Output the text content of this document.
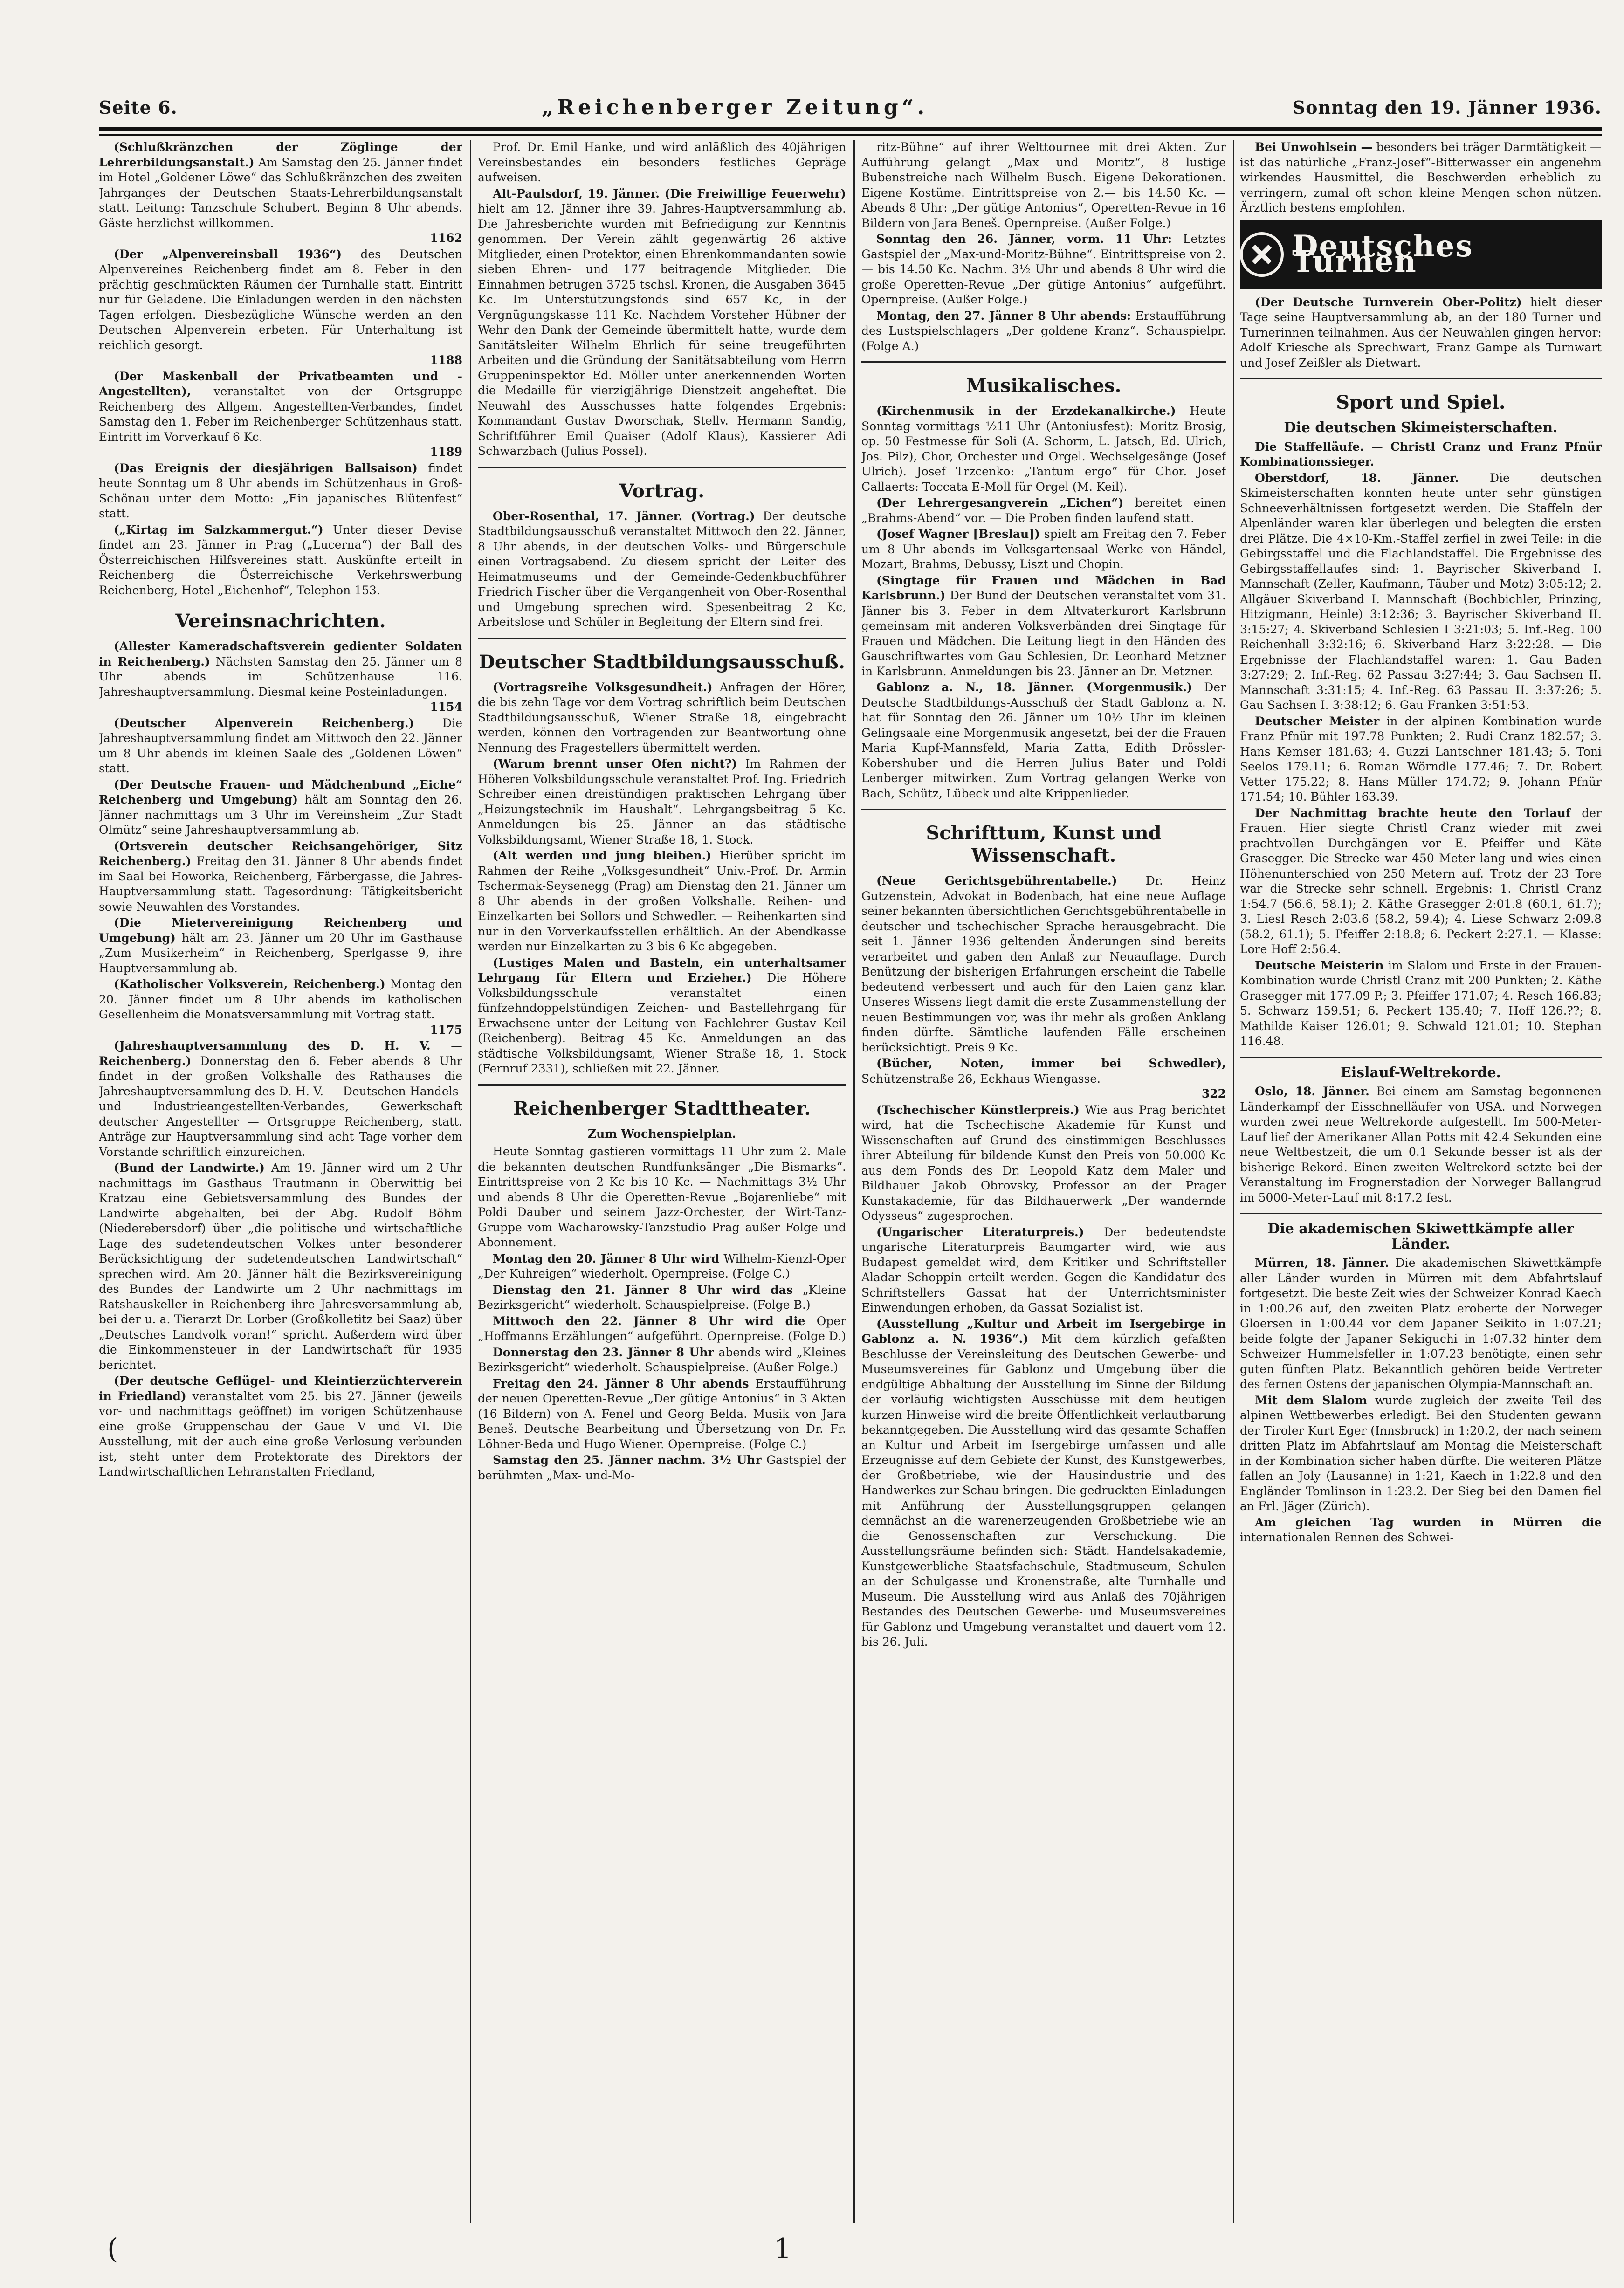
Seite 6.	„Reichenberger Zeitung“.	Sonntag den 19. Jänner 1936.

(Schlußkränzchen der Zöglinge der Lehrerbildungsanstalt.) Am Samstag den 25. Jänner findet im Hotel „Goldener Löwe“ das Schlußkränzchen des zweiten Jahrganges der Deutschen Staats-Lehrerbildungsanstalt statt. Leitung: Tanzschule Schubert. Beginn 8 Uhr abends. Gäste herzlichst willkommen.
1162

(Der „Alpenvereinsball 1936“) des Deutschen Alpenvereines Reichenberg findet am 8. Feber in den prächtig geschmückten Räumen der Turnhalle statt. Eintritt nur für Geladene. Die Einladungen werden in den nächsten Tagen erfolgen. Diesbezügliche Wünsche werden an den Deutschen Alpenverein erbeten. Für Unterhaltung ist reichlich gesorgt.
1188

(Der Maskenball der Privatbeamten und -Angestellten), veranstaltet von der Ortsgruppe Reichenberg des Allgem. Angestellten-Verbandes, findet Samstag den 1. Feber im Reichenberger Schützenhaus statt. Eintritt im Vorverkauf 6 Kc.
1189

(Das Ereignis der diesjährigen Ballsaison) findet heute Sonntag um 8 Uhr abends im Schützenhaus in Groß-Schönau unter dem Motto: „Ein japanisches Blütenfest“ statt.

(„Kirtag im Salzkammergut.“) Unter dieser Devise findet am 23. Jänner in Prag („Lucerna“) der Ball des Österreichischen Hilfsvereines statt. Auskünfte erteilt in Reichenberg die Österreichische Verkehrswerbung Reichenberg, Hotel „Eichenhof“, Telephon 153.

Vereinsnachrichten.

(Allester Kameradschaftsverein gedienter Soldaten in Reichenberg.) Nächsten Samstag den 25. Jänner um 8 Uhr abends im Schützenhause 116. Jahreshauptversammlung. Diesmal keine Posteinladungen.
1154

(Deutscher Alpenverein Reichenberg.) Die Jahreshauptversammlung findet am Mittwoch den 22. Jänner um 8 Uhr abends im kleinen Saale des „Goldenen Löwen“ statt.

(Der Deutsche Frauen- und Mädchenbund „Eiche“ Reichenberg und Umgebung) hält am Sonntag den 26. Jänner nachmittags um 3 Uhr im Vereinsheim „Zur Stadt Olmütz“ seine Jahreshauptversammlung ab.

(Ortsverein deutscher Reichsangehöriger, Sitz Reichenberg.) Freitag den 31. Jänner 8 Uhr abends findet im Saal bei Howorka, Reichenberg, Färbergasse, die Jahres-Hauptversammlung statt. Tagesordnung: Tätigkeitsbericht sowie Neuwahlen des Vorstandes.

(Die Mietervereinigung Reichenberg und Umgebung) hält am 23. Jänner um 20 Uhr im Gasthause „Zum Musikerheim“ in Reichenberg, Sperlgasse 9, ihre Hauptversammlung ab.

(Katholischer Volksverein, Reichenberg.) Montag den 20. Jänner findet um 8 Uhr abends im katholischen Gesellenheim die Monatsversammlung mit Vortrag statt.
1175

(Jahreshauptversammlung des D. H. V. — Reichenberg.) Donnerstag den 6. Feber abends 8 Uhr findet in der großen Volkshalle des Rathauses die Jahreshauptversammlung des D. H. V. — Deutschen Handels- und Industrieangestellten-Verbandes, Gewerkschaft deutscher Angestellter — Ortsgruppe Reichenberg, statt. Anträge zur Hauptversammlung sind acht Tage vorher dem Vorstande schriftlich einzureichen.

(Bund der Landwirte.) Am 19. Jänner wird um 2 Uhr nachmittags im Gasthaus Trautmann in Oberwittig bei Kratzau eine Gebietsversammlung des Bundes der Landwirte abgehalten, bei der Abg. Rudolf Böhm (Niederebersdorf) über „die politische und wirtschaftliche Lage des sudetendeutschen Volkes unter besonderer Berücksichtigung der sudetendeutschen Landwirtschaft“ sprechen wird. Am 20. Jänner hält die Bezirksvereinigung des Bundes der Landwirte um 2 Uhr nachmittags im Ratshauskeller in Reichenberg ihre Jahresversammlung ab, bei der u. a. Tierarzt Dr. Lorber (Großkolletitz bei Saaz) über „Deutsches Landvolk voran!“ spricht. Außerdem wird über die Einkommensteuer in der Landwirtschaft für 1935 berichtet.

(Der deutsche Geflügel- und Kleintierzüchterverein in Friedland) veranstaltet vom 25. bis 27. Jänner (jeweils vor- und nachmittags geöffnet) im vorigen Schützenhause eine große Gruppenschau der Gaue V und VI. Die Ausstellung, mit der auch eine große Verlosung verbunden ist, steht unter dem Protektorate des Direktors der Landwirtschaftlichen Lehranstalten Friedland,

Prof. Dr. Emil Hanke, und wird anläßlich des 40jährigen Vereinsbestandes ein besonders festliches Gepräge aufweisen.

Alt-Paulsdorf, 19. Jänner. (Die Freiwillige Feuerwehr) hielt am 12. Jänner ihre 39. Jahres-Hauptversammlung ab. Die Jahresberichte wurden mit Befriedigung zur Kenntnis genommen. Der Verein zählt gegenwärtig 26 aktive Mitglieder, einen Protektor, einen Ehrenkommandanten sowie sieben Ehren- und 177 beitragende Mitglieder. Die Einnahmen betrugen 3725 tschsl. Kronen, die Ausgaben 3645 Kc. Im Unterstützungsfonds sind 657 Kc, in der Vergnügungskasse 111 Kc. Nachdem Vorsteher Hübner der Wehr den Dank der Gemeinde übermittelt hatte, wurde dem Sanitätsleiter Wilhelm Ehrlich für seine treugeführten Arbeiten und die Gründung der Sanitätsabteilung vom Herrn Gruppeninspektor Ed. Möller unter anerkennenden Worten die Medaille für vierzigjährige Dienstzeit angeheftet. Die Neuwahl des Ausschusses hatte folgendes Ergebnis: Kommandant Gustav Dworschak, Stellv. Hermann Sandig, Schriftführer Emil Quaiser (Adolf Klaus), Kassierer Adi Schwarzbach (Julius Possel).

Vortrag.

Ober-Rosenthal, 17. Jänner. (Vortrag.) Der deutsche Stadtbildungsausschuß veranstaltet Mittwoch den 22. Jänner, 8 Uhr abends, in der deutschen Volks- und Bürgerschule einen Vortragsabend. Zu diesem spricht der Leiter des Heimatmuseums und der Gemeinde-Gedenkbuchführer Friedrich Fischer über die Vergangenheit von Ober-Rosenthal und Umgebung sprechen wird. Spesenbeitrag 2 Kc, Arbeitslose und Schüler in Begleitung der Eltern sind frei.

Deutscher Stadtbildungsausschuß.

(Vortragsreihe Volksgesundheit.) Anfragen der Hörer, die bis zehn Tage vor dem Vortrag schriftlich beim Deutschen Stadtbildungsausschuß, Wiener Straße 18, eingebracht werden, können den Vortragenden zur Beantwortung ohne Nennung des Fragestellers übermittelt werden.

(Warum brennt unser Ofen nicht?) Im Rahmen der Höheren Volksbildungsschule veranstaltet Prof. Ing. Friedrich Schreiber einen dreistündigen praktischen Lehrgang über „Heizungstechnik im Haushalt“. Lehrgangsbeitrag 5 Kc. Anmeldungen bis 25. Jänner an das städtische Volksbildungsamt, Wiener Straße 18, 1. Stock.

(Alt werden und jung bleiben.) Hierüber spricht im Rahmen der Reihe „Volksgesundheit“ Univ.-Prof. Dr. Armin Tschermak-Seysenegg (Prag) am Dienstag den 21. Jänner um 8 Uhr abends in der großen Volkshalle. Reihen- und Einzelkarten bei Sollors und Schwedler. — Reihenkarten sind nur in den Vorverkaufsstellen erhältlich. An der Abendkasse werden nur Einzelkarten zu 3 bis 6 Kc abgegeben.

(Lustiges Malen und Basteln, ein unterhaltsamer Lehrgang für Eltern und Erzieher.) Die Höhere Volksbildungsschule veranstaltet einen fünfzehndoppelstündigen Zeichen- und Bastellehrgang für Erwachsene unter der Leitung von Fachlehrer Gustav Keil (Reichenberg). Beitrag 45 Kc. Anmeldungen an das städtische Volksbildungsamt, Wiener Straße 18, 1. Stock (Fernruf 2331), schließen mit 22. Jänner.

Reichenberger Stadttheater.
Zum Wochenspielplan.

Heute Sonntag gastieren vormittags 11 Uhr zum 2. Male die bekannten deutschen Rundfunksänger „Die Bismarks“. Eintrittspreise von 2 Kc bis 10 Kc. — Nachmittags 3½ Uhr und abends 8 Uhr die Operetten-Revue „Bojarenliebe“ mit Poldi Dauber und seinem Jazz-Orchester, der Wirt-Tanz-Gruppe vom Wacharowsky-Tanzstudio Prag außer Folge und Abonnement.

Montag den 20. Jänner 8 Uhr wird Wilhelm-Kienzl-Oper „Der Kuhreigen“ wiederholt. Opernpreise. (Folge C.)

Dienstag den 21. Jänner 8 Uhr wird das „Kleine Bezirksgericht“ wiederholt. Schauspielpreise. (Folge B.)

Mittwoch den 22. Jänner 8 Uhr wird die Oper „Hoffmanns Erzählungen“ aufgeführt. Opernpreise. (Folge D.)

Donnerstag den 23. Jänner 8 Uhr abends wird „Kleines Bezirksgericht“ wiederholt. Schauspielpreise. (Außer Folge.)

Freitag den 24. Jänner 8 Uhr abends Erstaufführung der neuen Operetten-Revue „Der gütige Antonius“ in 3 Akten (16 Bildern) von A. Fenel und Georg Belda. Musik von Jara Beneš. Deutsche Bearbeitung und Übersetzung von Dr. Fr. Löhner-Beda und Hugo Wiener. Opernpreise. (Folge C.)

Samstag den 25. Jänner nachm. 3½ Uhr Gastspiel der berühmten „Max- und-Mo-

ritz-Bühne“ auf ihrer Welttournee mit drei Akten. Zur Aufführung gelangt „Max und Moritz“, 8 lustige Bubenstreiche nach Wilhelm Busch. Eigene Dekorationen. Eigene Kostüme. Eintrittspreise von 2.— bis 14.50 Kc. — Abends 8 Uhr: „Der gütige Antonius“, Operetten-Revue in 16 Bildern von Jara Beneš. Opernpreise. (Außer Folge.)

Sonntag den 26. Jänner, vorm. 11 Uhr: Letztes Gastspiel der „Max-und-Moritz-Bühne“. Eintrittspreise von 2.— bis 14.50 Kc. Nachm. 3½ Uhr und abends 8 Uhr wird die große Operetten-Revue „Der gütige Antonius“ aufgeführt. Opernpreise. (Außer Folge.)

Montag, den 27. Jänner 8 Uhr abends: Erstaufführung des Lustspielschlagers „Der goldene Kranz“. Schauspielpr. (Folge A.)

Musikalisches.

(Kirchenmusik in der Erzdekanalkirche.) Heute Sonntag vormittags ½11 Uhr (Antoniusfest): Moritz Brosig, op. 50 Festmesse für Soli (A. Schorm, L. Jatsch, Ed. Ulrich, Jos. Pilz), Chor, Orchester und Orgel. Wechselgesänge (Josef Ulrich). Josef Trzcenko: „Tantum ergo“ für Chor. Josef Callaerts: Toccata E-Moll für Orgel (M. Keil).

(Der Lehrergesangverein „Eichen“) bereitet einen „Brahms-Abend“ vor. — Die Proben finden laufend statt.

(Josef Wagner [Breslau]) spielt am Freitag den 7. Feber um 8 Uhr abends im Volksgartensaal Werke von Händel, Mozart, Brahms, Debussy, Liszt und Chopin.

(Singtage für Frauen und Mädchen in Bad Karlsbrunn.) Der Bund der Deutschen veranstaltet vom 31. Jänner bis 3. Feber in dem Altvaterkurort Karlsbrunn gemeinsam mit anderen Volksverbänden drei Singtage für Frauen und Mädchen. Die Leitung liegt in den Händen des Gauschriftwartes vom Gau Schlesien, Dr. Leonhard Metzner in Karlsbrunn. Anmeldungen bis 23. Jänner an Dr. Metzner.

Gablonz a. N., 18. Jänner. (Morgenmusik.) Der Deutsche Stadtbildungs-Ausschuß der Stadt Gablonz a. N. hat für Sonntag den 26. Jänner um 10½ Uhr im kleinen Gelingsaale eine Morgenmusik angesetzt, bei der die Frauen Maria Kupf-Mannsfeld, Maria Zatta, Edith Drössler-Kobershuber und die Herren Julius Bater und Poldi Lenberger mitwirken. Zum Vortrag gelangen Werke von Bach, Schütz, Lübeck und alte Krippenlieder.

Schrifttum, Kunst und Wissenschaft.

(Neue Gerichtsgebührentabelle.) Dr. Heinz Gutzenstein, Advokat in Bodenbach, hat eine neue Auflage seiner bekannten übersichtlichen Gerichtsgebührentabelle in deutscher und tschechischer Sprache herausgebracht. Die seit 1. Jänner 1936 geltenden Änderungen sind bereits verarbeitet und gaben den Anlaß zur Neuauflage. Durch Benützung der bisherigen Erfahrungen erscheint die Tabelle bedeutend verbessert und auch für den Laien ganz klar. Unseres Wissens liegt damit die erste Zusammenstellung der neuen Bestimmungen vor, was ihr mehr als großen Anklang finden dürfte. Sämtliche laufenden Fälle erscheinen berücksichtigt. Preis 9 Kc.

(Bücher, Noten, immer bei Schwedler), Schützenstraße 26, Eckhaus Wiengasse.
322

(Tschechischer Künstlerpreis.) Wie aus Prag berichtet wird, hat die Tschechische Akademie für Kunst und Wissenschaften auf Grund des einstimmigen Beschlusses ihrer Abteilung für bildende Kunst den Preis von 50.000 Kc aus dem Fonds des Dr. Leopold Katz dem Maler und Bildhauer Jakob Obrovsky, Professor an der Prager Kunstakademie, für das Bildhauerwerk „Der wandernde Odysseus“ zugesprochen.

(Ungarischer Literaturpreis.) Der bedeutendste ungarische Literaturpreis Baumgarter wird, wie aus Budapest gemeldet wird, dem Kritiker und Schriftsteller Aladar Schoppin erteilt werden. Gegen die Kandidatur des Schriftstellers Gassat hat der Unterrichtsminister Einwendungen erhoben, da Gassat Sozialist ist.

(Ausstellung „Kultur und Arbeit im Isergebirge in Gablonz a. N. 1936“.) Mit dem kürzlich gefaßten Beschlusse der Vereinsleitung des Deutschen Gewerbe- und Museumsvereines für Gablonz und Umgebung über die endgültige Abhaltung der Ausstellung im Sinne der Bildung der vorläufig wichtigsten Ausschüsse mit dem heutigen kurzen Hinweise wird die breite Öffentlichkeit verlautbarung bekanntgegeben. Die Ausstellung wird das gesamte Schaffen an Kultur und Arbeit im Isergebirge umfassen und alle Erzeugnisse auf dem Gebiete der Kunst, des Kunstgewerbes, der Großbetriebe, wie der Hausindustrie und des Handwerkes zur Schau bringen. Die gedruckten Einladungen mit Anführung der Ausstellungsgruppen gelangen demnächst an die warenerzeugenden Großbetriebe wie an die Genossenschaften zur Verschickung. Die Ausstellungsräume befinden sich: Städt. Handelsakademie, Kunstgewerbliche Staatsfachschule, Stadtmuseum, Schulen an der Schulgasse und Kronenstraße, alte Turnhalle und Museum. Die Ausstellung wird aus Anlaß des 70jährigen Bestandes des Deutschen Gewerbe- und Museumsvereines für Gablonz und Umgebung veranstaltet und dauert vom 12. bis 26. Juli.

Bei Unwohlsein — besonders bei träger Darmtätigkeit — ist das natürliche „Franz-Josef“-Bitterwasser ein angenehm wirkendes Hausmittel, die Beschwerden erheblich zu verringern, zumal oft schon kleine Mengen schon nützen. Ärztlich bestens empfohlen.

Deutsches Turnen

(Der Deutsche Turnverein Ober-Politz) hielt dieser Tage seine Hauptversammlung ab, an der 180 Turner und Turnerinnen teilnahmen. Aus der Neuwahlen gingen hervor: Adolf Kriesche als Sprechwart, Franz Gampe als Turnwart und Josef Zeißler als Dietwart.

Sport und Spiel.
Die deutschen Skimeisterschaften.

Die Staffelläufe. — Christl Cranz und Franz Pfnür Kombinationssieger.

Oberstdorf, 18. Jänner.	Die deutschen Skimeisterschaften konnten heute unter sehr günstigen Schneeverhältnissen fortgesetzt werden. Die Staffeln der Alpenländer waren klar überlegen und belegten die ersten drei Plätze. Die 4×10-Km.-Staffel zerfiel in zwei Teile: in die Gebirgsstaffel und die Flachlandstaffel. Die Ergebnisse des Gebirgsstaffellaufes sind: 1. Bayrischer Skiverband I. Mannschaft (Zeller, Kaufmann, Täuber und Motz) 3:05:12; 2. Allgäuer Skiverband I. Mannschaft (Bochbichler, Prinzing, Hitzigmann, Heinle) 3:12:36; 3. Bayrischer Skiverband II. 3:15:27; 4. Skiverband Schlesien I 3:21:03; 5. Inf.-Reg. 100 Reichenhall 3:32:16; 6. Skiverband Harz 3:22:28. — Die Ergebnisse der Flachlandstaffel waren: 1. Gau Baden 3:27:29; 2. Inf.-Reg. 62 Passau 3:27:44; 3. Gau Sachsen II. Mannschaft 3:31:15; 4. Inf.-Reg. 63 Passau II. 3:37:26; 5. Gau Sachsen I. 3:38:12; 6. Gau Franken 3:51:53.

Deutscher Meister in der alpinen Kombination wurde Franz Pfnür mit 197.78 Punkten; 2. Rudi Cranz 182.57; 3. Hans Kemser 181.63; 4. Guzzi Lantschner 181.43; 5. Toni Seelos 179.11; 6. Roman Wörndle 177.46; 7. Dr. Robert Vetter 175.22; 8. Hans Müller 174.72; 9. Johann Pfnür 171.54; 10. Bühler 163.39.

Der Nachmittag brachte heute den Torlauf der Frauen. Hier siegte Christl Cranz wieder mit zwei prachtvollen Durchgängen vor E. Pfeiffer und Käte Grasegger. Die Strecke war 450 Meter lang und wies einen Höhenunterschied von 250 Metern auf. Trotz der 23 Tore war die Strecke sehr schnell. Ergebnis: 1. Christl Cranz 1:54.7 (56.6, 58.1); 2. Käthe Grasegger 2:01.8 (60.1, 61.7); 3. Liesl Resch 2:03.6 (58.2, 59.4); 4. Liese Schwarz 2:09.8 (58.2, 61.1); 5. Pfeiffer 2:18.8; 6. Peckert 2:27.1. — Klasse: Lore Hoff 2:56.4.

Deutsche Meisterin im Slalom und Erste in der Frauen-Kombination wurde Christl Cranz mit 200 Punkten; 2. Käthe Grasegger mit 177.09 P.; 3. Pfeiffer 171.07; 4. Resch 166.83; 5. Schwarz 159.51; 6. Peckert 135.40; 7. Hoff 126.??; 8. Mathilde Kaiser 126.01; 9. Schwald 121.01; 10. Stephan 116.48.

Eislauf-Weltrekorde.

Oslo, 18. Jänner. Bei einem am Samstag begonnenen Länderkampf der Eisschnelläufer von USA. und Norwegen wurden zwei neue Weltrekorde aufgestellt. Im 500-Meter-Lauf lief der Amerikaner Allan Potts mit 42.4 Sekunden eine neue Weltbestzeit, die um 0.1 Sekunde besser ist als der bisherige Rekord. Einen zweiten Weltrekord setzte bei der Veranstaltung im Frognerstadion der Norweger Ballangrud im 5000-Meter-Lauf mit 8:17.2 fest.

Die akademischen Skiwettkämpfe aller Länder.

Mürren, 18. Jänner. Die akademischen Skiwettkämpfe aller Länder wurden in Mürren mit dem Abfahrtslauf fortgesetzt. Die beste Zeit wies der Schweizer Konrad Kaech in 1:00.26 auf, den zweiten Platz eroberte der Norweger Gloersen in 1:00.44 vor dem Japaner Seikito in 1:07.21; beide folgte der Japaner Sekiguchi in 1:07.32 hinter dem Schweizer Hummelsfeller in 1:07.23 benötigte, einen sehr guten fünften Platz. Bekanntlich gehören beide Vertreter des fernen Ostens der japanischen Olympia-Mannschaft an.

Mit dem Slalom wurde zugleich der zweite Teil des alpinen Wettbewerbes erledigt. Bei den Studenten gewann der Tiroler Kurt Eger (Innsbruck) in 1:20.2, der nach seinem dritten Platz im Abfahrtslauf am Montag die Meisterschaft in der Kombination sicher haben dürfte. Die weiteren Plätze fallen an Joly (Lausanne) in 1:21, Kaech in 1:22.8 und den Engländer Tomlinson in 1:23.2. Der Sieg bei den Damen fiel an Frl. Jäger (Zürich).

Am gleichen Tag wurden in Mürren die internationalen Rennen des Schwei-

(	1
